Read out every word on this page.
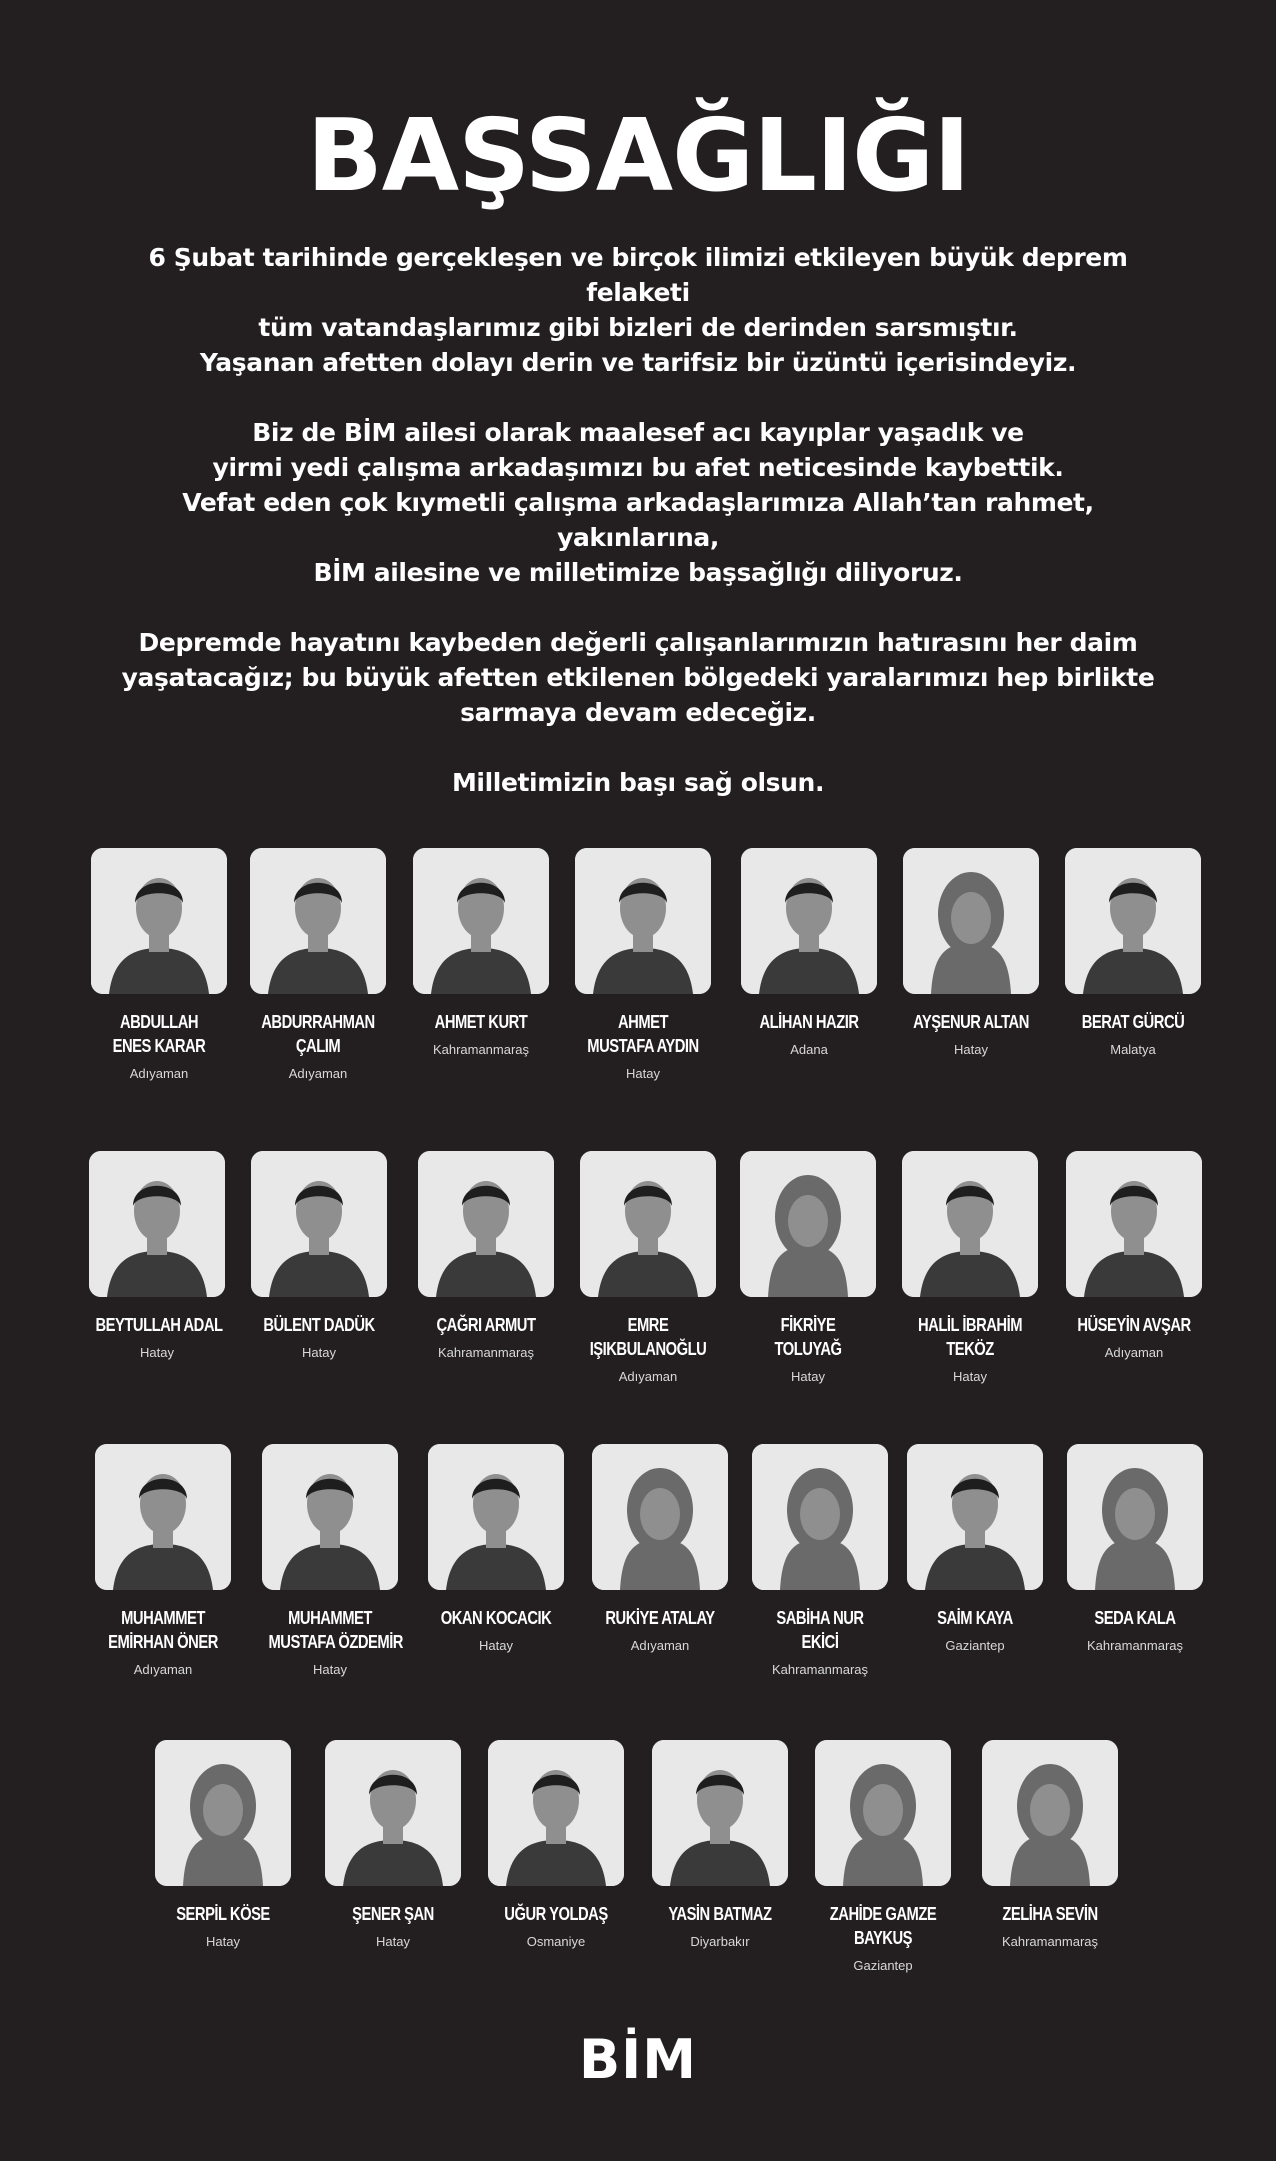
BAŞSAĞLIĞI

6 Şubat tarihinde gerçekleşen ve birçok ilimizi etkileyen büyük deprem felaketi
tüm vatandaşlarımız gibi bizleri de derinden sarsmıştır.
Yaşanan afetten dolayı derin ve tarifsiz bir üzüntü içerisindeyiz.

Biz de BİM ailesi olarak maalesef acı kayıplar yaşadık ve
yirmi yedi çalışma arkadaşımızı bu afet neticesinde kaybettik.
Vefat eden çok kıymetli çalışma arkadaşlarımıza Allah’tan rahmet, yakınlarına,
BİM ailesine ve milletimize başsağlığı diliyoruz.

Depremde hayatını kaybeden değerli çalışanlarımızın hatırasını her daim
yaşatacağız; bu büyük afetten etkilenen bölgedeki yaralarımızı hep birlikte
sarmaya devam edeceğiz.

Milletimizin başı sağ olsun.

ABDULLAH
ENES KARAR
Adıyaman
ABDURRAHMAN
ÇALIM
Adıyaman
AHMET KURT
Kahramanmaraş
AHMET
MUSTAFA AYDIN
Hatay
ALİHAN HAZIR
Adana
AYŞENUR ALTAN
Hatay
BERAT GÜRCÜ
Malatya
BEYTULLAH ADAL
Hatay
BÜLENT DADÜK
Hatay
ÇAĞRI ARMUT
Kahramanmaraş
EMRE
IŞIKBULANOĞLU
Adıyaman
FİKRİYE
TOLUYAĞ
Hatay
HALİL İBRAHİM
TEKÖZ
Hatay
HÜSEYİN AVŞAR
Adıyaman
MUHAMMET
EMİRHAN ÖNER
Adıyaman
MUHAMMET
MUSTAFA ÖZDEMİR
Hatay
OKAN KOCACIK
Hatay
RUKİYE ATALAY
Adıyaman
SABİHA NUR
EKİCİ
Kahramanmaraş
SAİM KAYA
Gaziantep
SEDA KALA
Kahramanmaraş
SERPİL KÖSE
Hatay
ŞENER ŞAN
Hatay
UĞUR YOLDAŞ
Osmaniye
YASİN BATMAZ
Diyarbakır
ZAHİDE GAMZE
BAYKUŞ
Gaziantep
ZELİHA SEVİN
Kahramanmaraş
BİM
